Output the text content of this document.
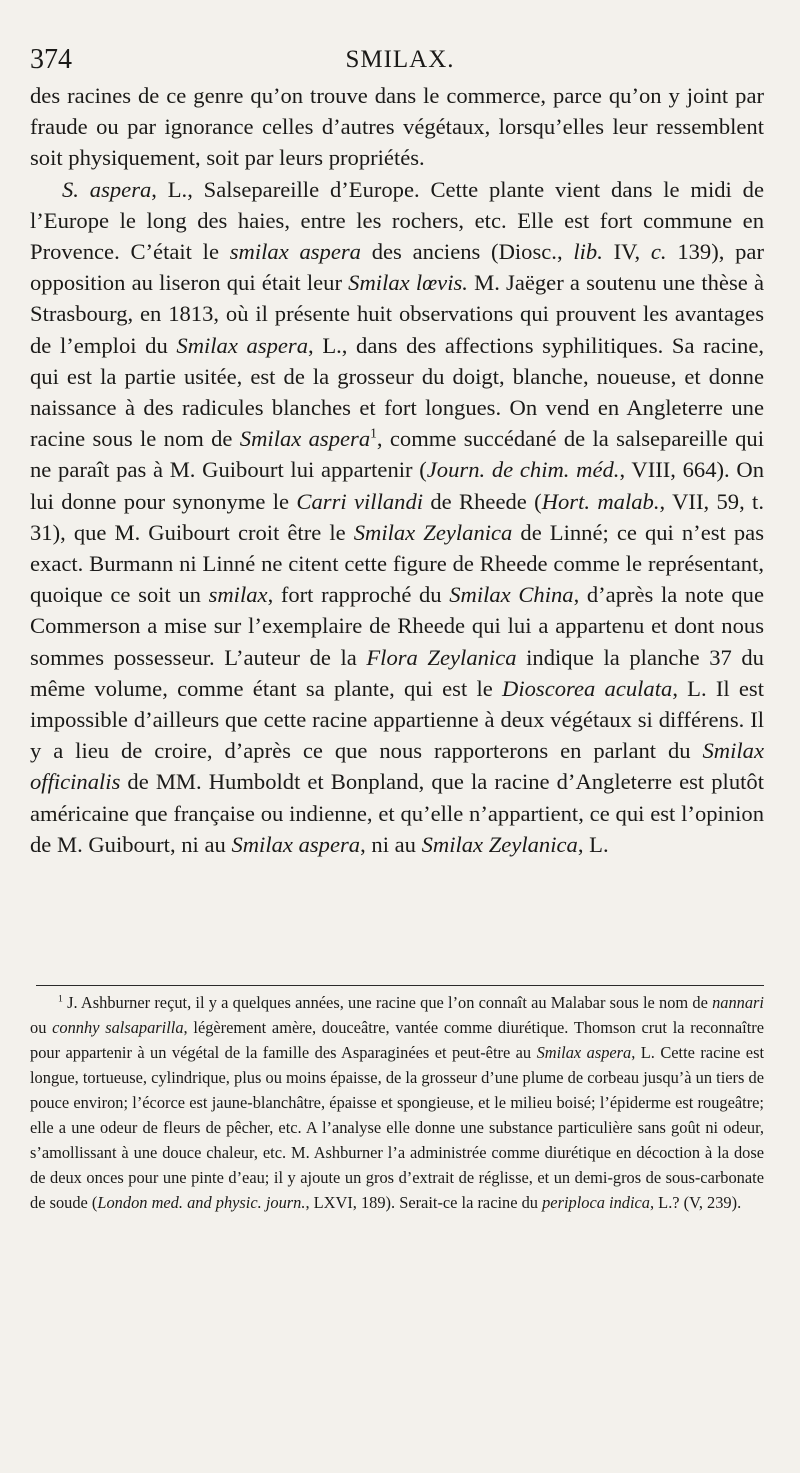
374	SMILAX.

des racines de ce genre qu’on trouve dans le commerce, parce qu’on y joint par fraude ou par ignorance celles d’autres végétaux, lorsqu’elles leur ressemblent soit physiquement, soit par leurs propriétés.

S. aspera, L., Salsepareille d’Europe. Cette plante vient dans le midi de l’Europe le long des haies, entre les rochers, etc. Elle est fort commune en Provence. C’était le smilax aspera des anciens (Diosc., lib. IV, c. 139), par opposition au liseron qui était leur Smilax lœvis. M. Jaëger a soutenu une thèse à Strasbourg, en 1813, où il présente huit observations qui prouvent les avantages de l’emploi du Smilax aspera, L., dans des affections syphilitiques. Sa racine, qui est la partie usitée, est de la grosseur du doigt, blanche, noueuse, et donne naissance à des radicules blanches et fort longues. On vend en Angleterre une racine sous le nom de Smilax aspera$^1$, comme succédané de la salsepareille qui ne paraît pas à M. Guibourt lui appartenir (Journ. de chim. méd., VIII, 664). On lui donne pour synonyme le Carri villandi de Rheede (Hort. malab., VII, 59, t. 31), que M. Guibourt croit être le Smilax Zeylanica de Linné; ce qui n’est pas exact. Burmann ni Linné ne citent cette figure de Rheede comme le représentant, quoique ce soit un smilax, fort rapproché du Smilax China, d’après la note que Commerson a mise sur l’exemplaire de Rheede qui lui a appartenu et dont nous sommes possesseur. L’auteur de la Flora Zeylanica indique la planche 37 du même volume, comme étant sa plante, qui est le Dioscorea aculata, L. Il est impossible d’ailleurs que cette racine appartienne à deux végétaux si différens. Il y a lieu de croire, d’après ce que nous rapporterons en parlant du Smilax officinalis de MM. Humboldt et Bonpland, que la racine d’Angleterre est plutôt américaine que française ou indienne, et qu’elle n’appartient, ce qui est l’opinion de M. Guibourt, ni au Smilax aspera, ni au Smilax Zeylanica, L.

$^1$ J. Ashburner reçut, il y a quelques années, une racine que l’on connaît au Malabar sous le nom de nannari ou connhy salsaparilla, légèrement amère, douceâtre, vantée comme diurétique. Thomson crut la reconnaître pour appartenir à un végétal de la famille des Asparaginées et peut-être au Smilax aspera, L. Cette racine est longue, tortueuse, cylindrique, plus ou moins épaisse, de la grosseur d’une plume de corbeau jusqu’à un tiers de pouce environ; l’écorce est jaune-blanchâtre, épaisse et spongieuse, et le milieu boisé; l’épiderme est rougeâtre; elle a une odeur de fleurs de pêcher, etc. A l’analyse elle donne une substance particulière sans goût ni odeur, s’amollissant à une douce chaleur, etc. M. Ashburner l’a administrée comme diurétique en décoction à la dose de deux onces pour une pinte d’eau; il y ajoute un gros d’extrait de réglisse, et un demi-gros de sous-carbonate de soude (London med. and physic. journ., LXVI, 189). Serait-ce la racine du periploca indica, L.? (V, 239).
